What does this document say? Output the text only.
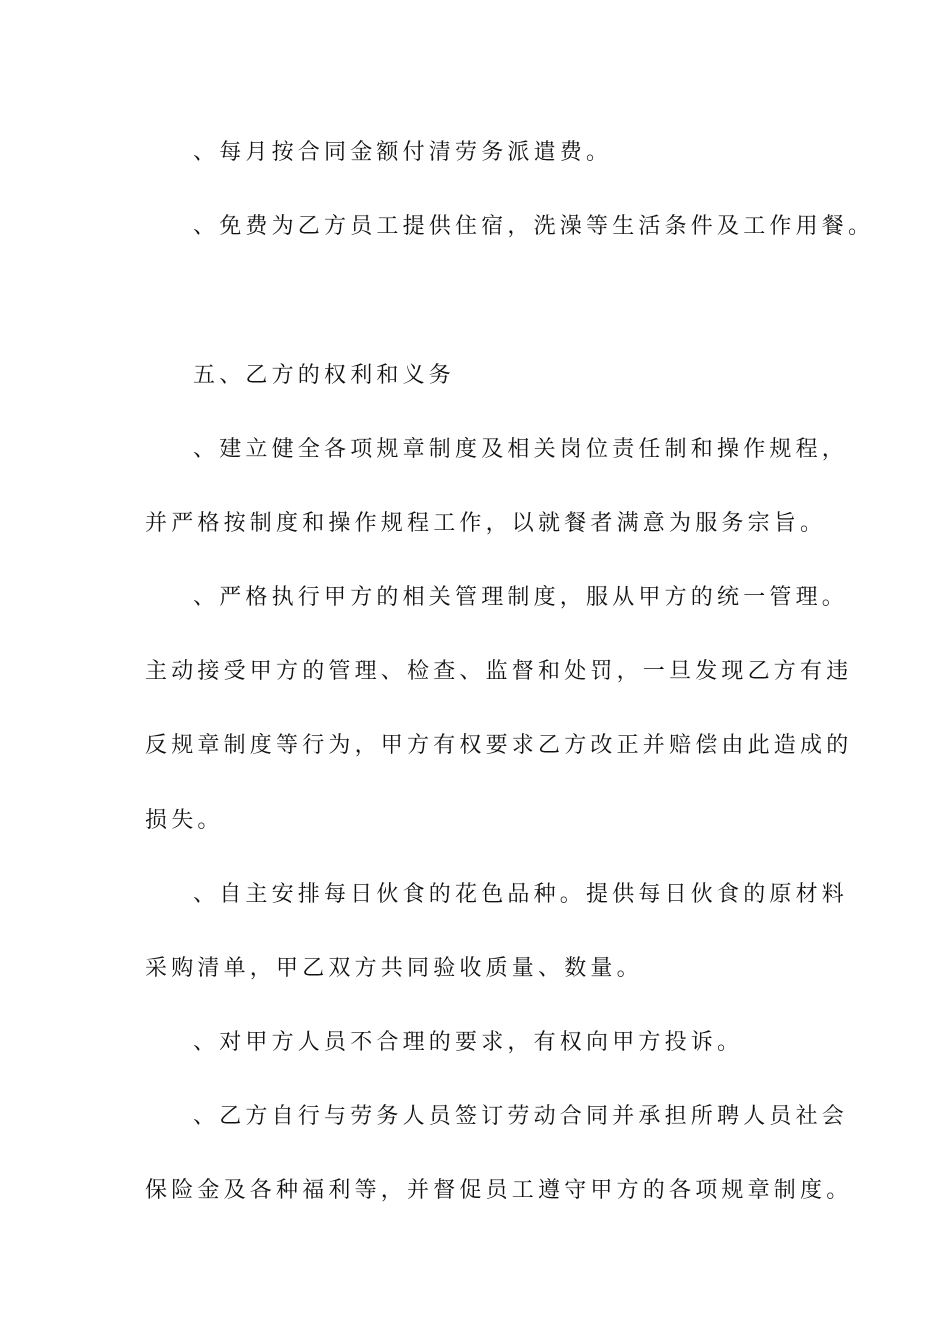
、每月按合同金额付清劳务派遣费。

、免费为乙方员工提供住宿，洗澡等生活条件及工作用餐。

五、乙方的权利和义务

、建立健全各项规章制度及相关岗位责任制和操作规程，

并严格按制度和操作规程工作，以就餐者满意为服务宗旨。

、严格执行甲方的相关管理制度，服从甲方的统一管理。

主动接受甲方的管理、检查、监督和处罚，一旦发现乙方有违

反规章制度等行为，甲方有权要求乙方改正并赔偿由此造成的

损失。

、自主安排每日伙食的花色品种。提供每日伙食的原材料

采购清单，甲乙双方共同验收质量、数量。

、对甲方人员不合理的要求，有权向甲方投诉。

、乙方自行与劳务人员签订劳动合同并承担所聘人员社会

保险金及各种福利等，并督促员工遵守甲方的各项规章制度。
